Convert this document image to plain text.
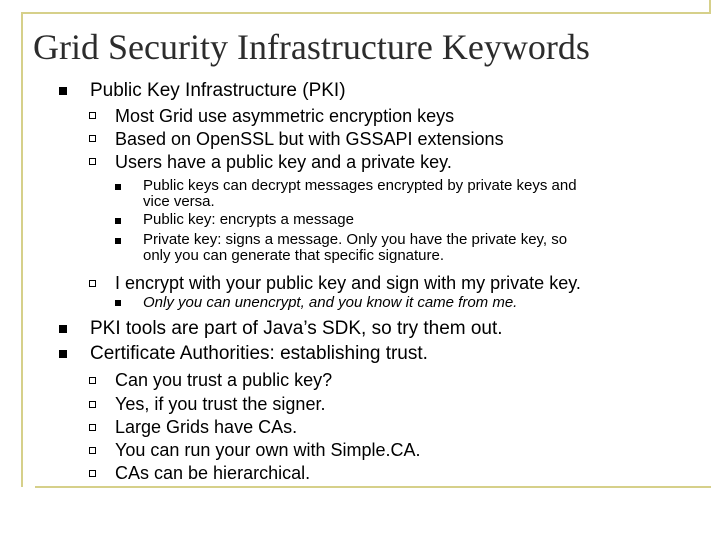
Grid Security Infrastructure Keywords
Public Key Infrastructure (PKI)
Most Grid use asymmetric encryption keys
Based on OpenSSL but with GSSAPI extensions
Users have a public key and a private key.
Public keys can decrypt messages encrypted by private keys and
vice versa.
Public key: encrypts a message
Private key: signs a message. Only you have the private key, so
only you can generate that specific signature.
I encrypt with your public key and sign with my private key.
Only you can unencrypt, and you know it came from me.
PKI tools are part of Java’s SDK, so try them out.
Certificate Authorities: establishing trust.
Can you trust a public key?
Yes, if you trust the signer.
Large Grids have CAs.
You can run your own with Simple.CA.
CAs can be hierarchical.
